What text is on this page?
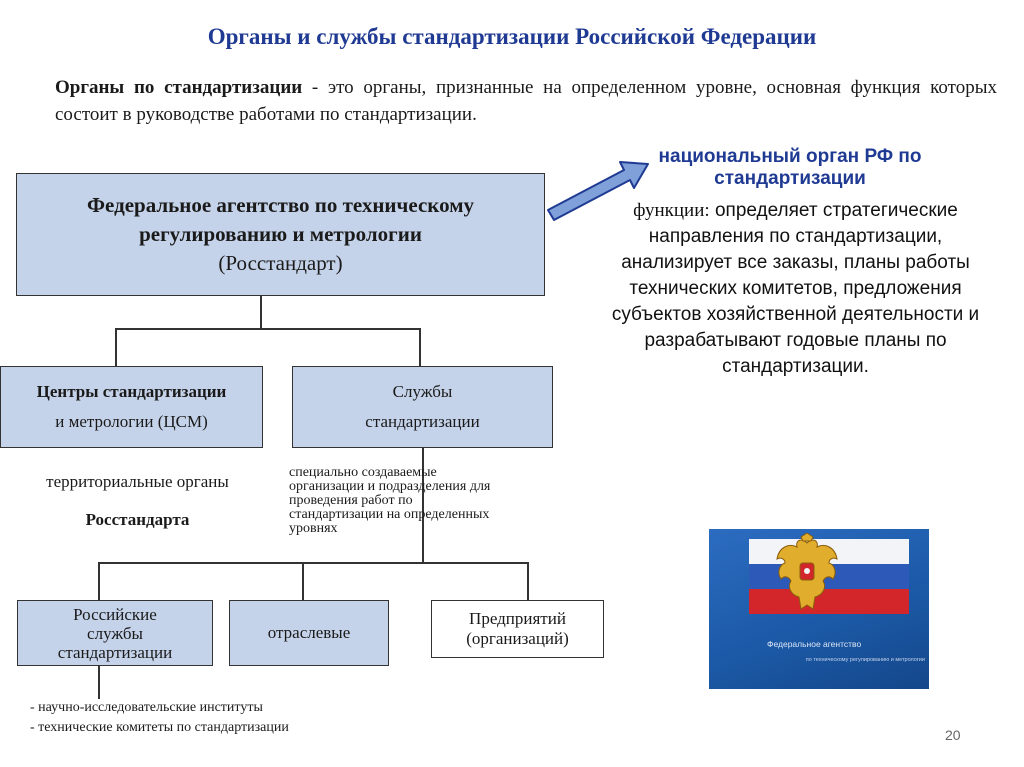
Органы и службы стандартизации Российской Федерации
Органы по стандартизации - это органы, признанные на определенном уровне, основная функция которых состоит в руководстве работами по стандартизации.
Федеральное агентство по техническому
регулированию и метрологии
(Росстандарт)
национальный орган РФ по
стандартизации
функции: определяет стратегические направления по стандартизации, анализирует все заказы, планы работы технических комитетов, предложения субъектов хозяйственной деятельности и разрабатывают годовые планы по стандартизации.
Центры стандартизации
и метрологии (ЦСМ)
Службы
стандартизации
территориальные органы
Росстандарта
специально создаваемые
организации и подразделения для
проведения работ по
стандартизации на определенных
уровнях
Российские
службы
стандартизации
отраслевые
Предприятий
(организаций)
- научно-исследовательские институты
- технические комитеты по стандартизации
Федеральное агентство
по техническому регулированию и метрологии
20
